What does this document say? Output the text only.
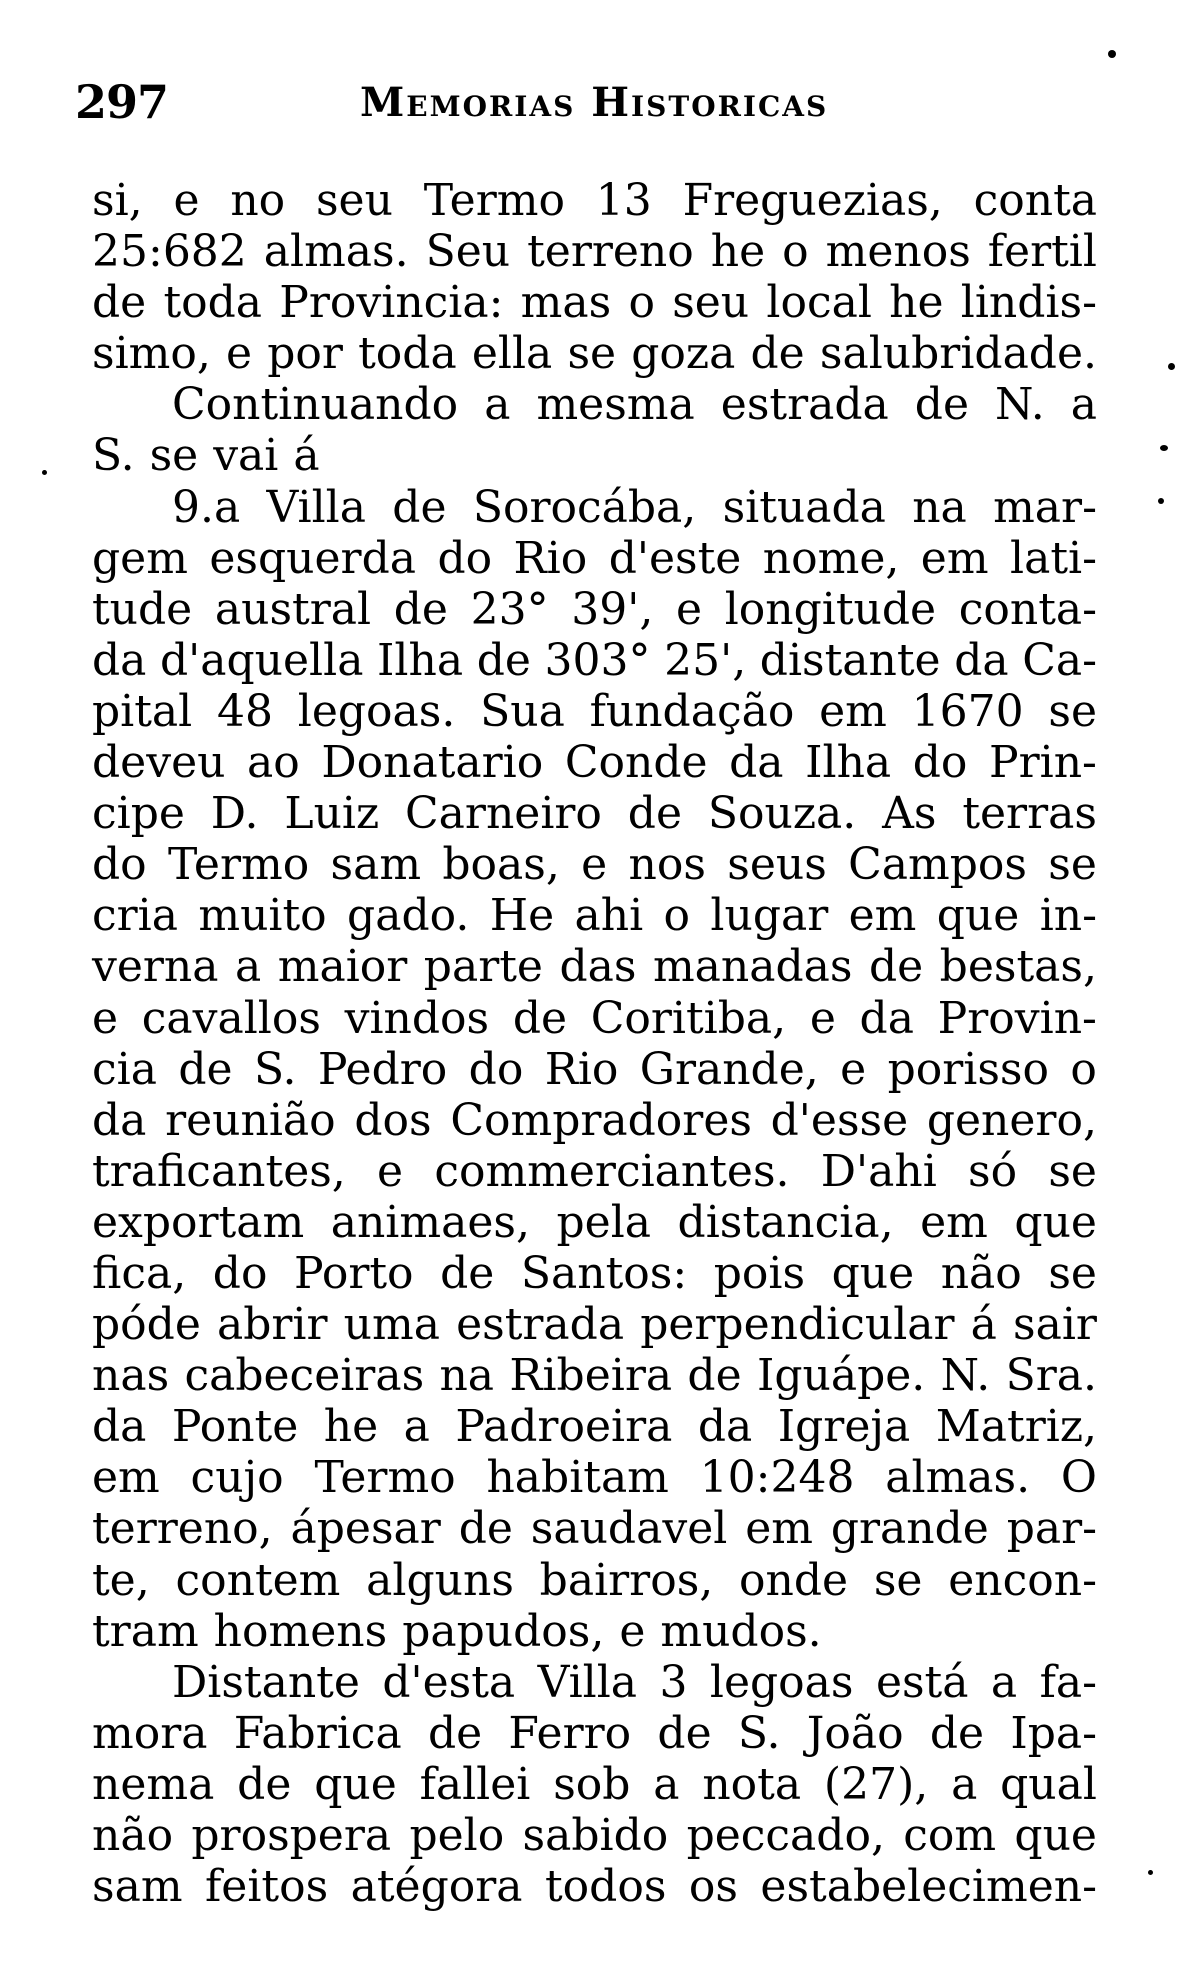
297	Memorias Historicas
si, e no seu Termo 13 Freguezias, conta
25:682 almas. Seu terreno he o menos fertil
de toda Provincia: mas o seu local he lindis-
simo, e por toda ella se goza de salubridade.
Continuando a mesma estrada de N. a
S. se vai á
9.a Villa de Sorocába, situada na mar-
gem esquerda do Rio d'este nome, em lati-
tude austral de 23° 39', e longitude conta-
da d'aquella Ilha de 303° 25', distante da Ca-
pital 48 legoas. Sua fundação em 1670 se
deveu ao Donatario Conde da Ilha do Prin-
cipe D. Luiz Carneiro de Souza. As terras
do Termo sam boas, e nos seus Campos se
cria muito gado. He ahi o lugar em que in-
verna a maior parte das manadas de bestas,
e cavallos vindos de Coritiba, e da Provin-
cia de S. Pedro do Rio Grande, e porisso o
da reunião dos Compradores d'esse genero,
traficantes, e commerciantes. D'ahi só se
exportam animaes, pela distancia, em que
fica, do Porto de Santos: pois que não se
póde abrir uma estrada perpendicular á sair
nas cabeceiras na Ribeira de Iguápe. N. Sra.
da Ponte he a Padroeira da Igreja Matriz,
em cujo Termo habitam 10:248 almas. O
terreno, ápesar de saudavel em grande par-
te, contem alguns bairros, onde se encon-
tram homens papudos, e mudos.
Distante d'esta Villa 3 legoas está a fa-
mora Fabrica de Ferro de S. João de Ipa-
nema de que fallei sob a nota (27), a qual
não prospera pelo sabido peccado, com que
sam feitos atégora todos os estabelecimen-
